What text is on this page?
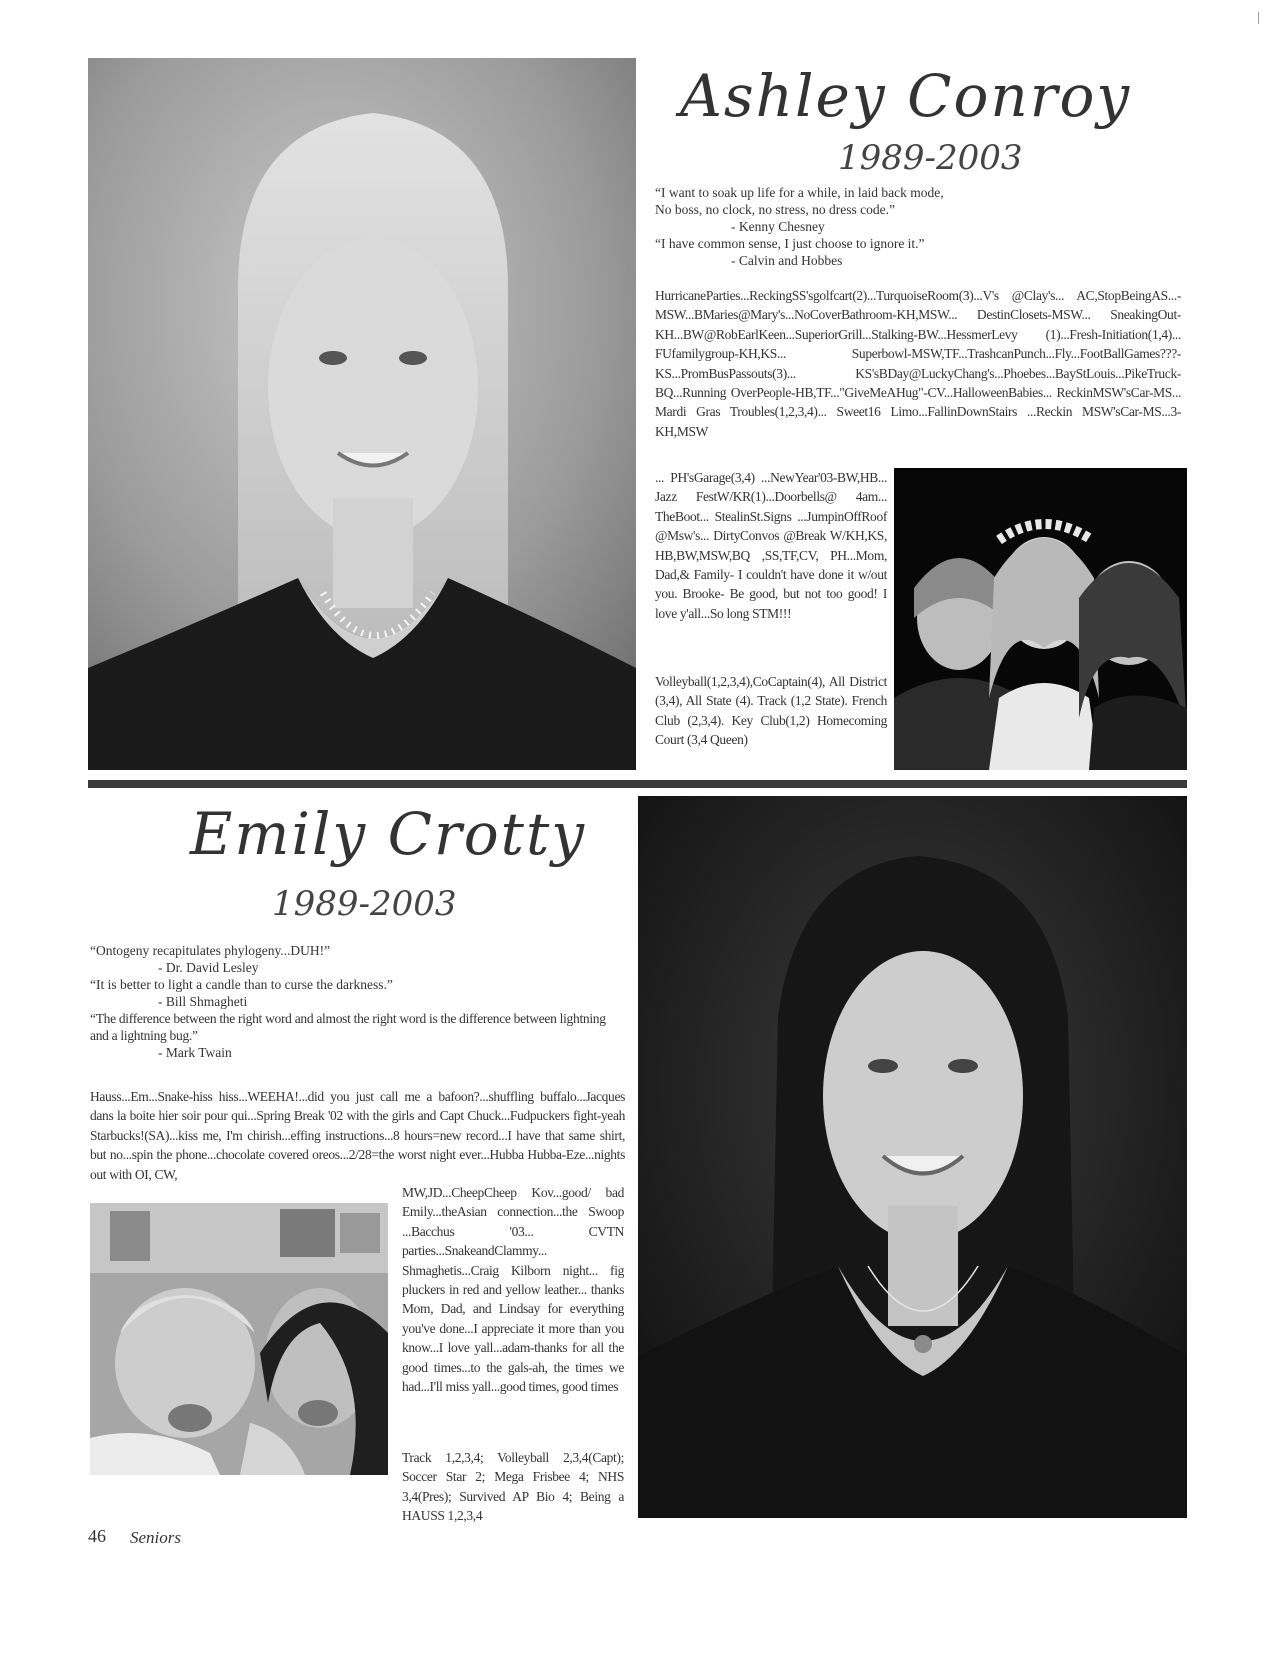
Ashley Conroy
1989-2003
“I want to soak up life for a while, in laid back mode,
No boss, no clock, no stress, no dress code.”
- Kenny Chesney
“I have common sense, I just choose to ignore it.”
- Calvin and Hobbes
HurricaneParties...ReckingSS'sgolfcart(2)...TurquoiseRoom(3)...V's @Clay's... AC,StopBeingAS...-MSW...BMaries@Mary's...NoCoverBathroom-KH,MSW... DestinClosets-MSW... SneakingOut-KH...BW@RobEarlKeen...SuperiorGrill...Stalking-BW...HessmerLevy (1)...Fresh-Initiation(1,4)... FUfamilygroup-KH,KS... Superbowl-MSW,TF...TrashcanPunch...Fly...FootBallGames???-KS...PromBusPassouts(3)... KS'sBDay@LuckyChang's...Phoebes...BayStLouis...PikeTruck-BQ...Running OverPeople-HB,TF..."GiveMeAHug"-CV...HalloweenBabies... ReckinMSW'sCar-MS... Mardi Gras Troubles(1,2,3,4)... Sweet16 Limo...FallinDownStairs ...Reckin MSW'sCar-MS...3-KH,MSW
... PH'sGarage(3,4) ...NewYear'03-BW,HB... Jazz FestW/KR(1)...Doorbells@ 4am... TheBoot... StealinSt.Signs ...JumpinOffRoof @Msw's... DirtyConvos @Break W/KH,KS, HB,BW,MSW,BQ ,SS,TF,CV, PH...Mom, Dad,& Family- I couldn't have done it w/out you. Brooke- Be good, but not too good! I love y'all...So long STM!!!
Volleyball(1,2,3,4),CoCaptain(4), All District (3,4), All State (4). Track (1,2 State). French Club (2,3,4). Key Club(1,2) Homecoming Court (3,4 Queen)
Emily Crotty
1989-2003
“Ontogeny recapitulates phylogeny...DUH!”
- Dr. David Lesley
“It is better to light a candle than to curse the darkness.”
- Bill Shmagheti
“The difference between the right word and almost the right word is the difference between lightning and a lightning bug.”
- Mark Twain
Hauss...Em...Snake-hiss hiss...WEEHA!...did you just call me a bafoon?...shuffling buffalo...Jacques dans la boite hier soir pour qui...Spring Break '02 with the girls and Capt Chuck...Fudpuckers fight-yeah Starbucks!(SA)...kiss me, I'm chirish...effing instructions...8 hours=new record...I have that same shirt, but no...spin the phone...chocolate covered oreos...2/28=the worst night ever...Hubba Hubba-Eze...nights out with OI, CW,
MW,JD...CheepCheep Kov...good/ bad Emily...theAsian connection...the Swoop ...Bacchus '03... CVTN parties...SnakeandClammy... Shmaghetis...Craig Kilborn night... fig pluckers in red and yellow leather... thanks Mom, Dad, and Lindsay for everything you've done...I appreciate it more than you know...I love yall...adam-thanks for all the good times...to the gals-ah, the times we had...I'll miss yall...good times, good times
Track 1,2,3,4; Volleyball 2,3,4(Capt); Soccer Star 2; Mega Frisbee 4; NHS 3,4(Pres); Survived AP Bio 4; Being a HAUSS 1,2,3,4
46 Seniors
